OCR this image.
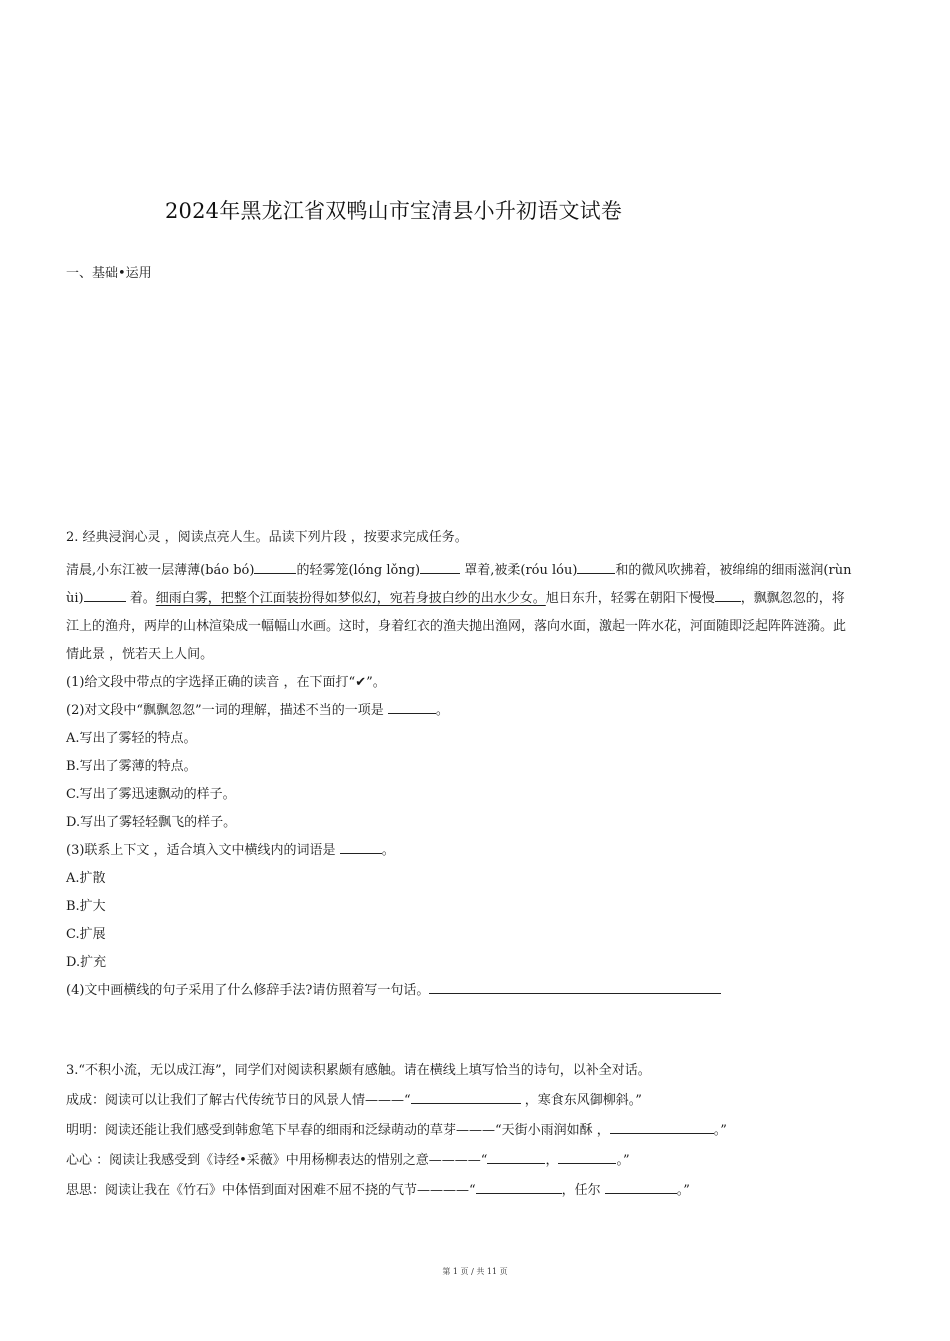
2024年黑龙江省双鸭山市宝清县小升初语文试卷
一、基础•运用
2. 经典浸润心灵 ，阅读点亮人生。品读下列片段 ，按要求完成任务。
清晨,小东江被一层薄薄(báo bó)	的轻雾笼(lóng lǒng)	罩着,被柔(róu lóu)	和的微风吹拂着，被绵绵的细雨滋润(rùn
ùi)	着。细雨白雾，把整个江面装扮得如梦似幻，宛若身披白纱的出水少女。旭日东升，轻雾在朝阳下慢慢 ，飘飘忽忽的，将
江上的渔舟，两岸的山林渲染成一幅幅山水画。这时，身着红衣的渔夫抛出渔网，落向水面，激起一阵水花，河面随即泛起阵阵涟漪。此
情此景 ，恍若天上人间。
(1)给文段中带点的字选择正确的读音 ，在下面打“✔”。
(2)对文段中“飘飘忽忽”一词的理解，描述不当的一项是	。
A.写出了雾轻的特点。
B.写出了雾薄的特点。
C.写出了雾迅速飘动的样子。
D.写出了雾轻轻飘飞的样子。
(3)联系上下文 ，适合填入文中横线内的词语是	。
A.扩散
B.扩大
C.扩展
D.扩充
(4)文中画横线的句子采用了什么修辞手法?请仿照着写一句话。
3.“不积小流，无以成江海”，同学们对阅读积累颇有感触。请在横线上填写恰当的诗句，以补全对话。
成成：阅读可以让我们了解古代传统节日的风景人情———“	，寒食东风御柳斜。”
明明：阅读还能让我们感受到韩愈笔下早春的细雨和泛绿萌动的草芽———“天街小雨润如酥 ，	。”
心心 ：阅读让我感受到《诗经•采薇》中用杨柳表达的惜别之意————“	，	。”
思思：阅读让我在《竹石》中体悟到面对困难不屈不挠的气节————“	，任尔	。”
第 1 页 / 共 11 页
